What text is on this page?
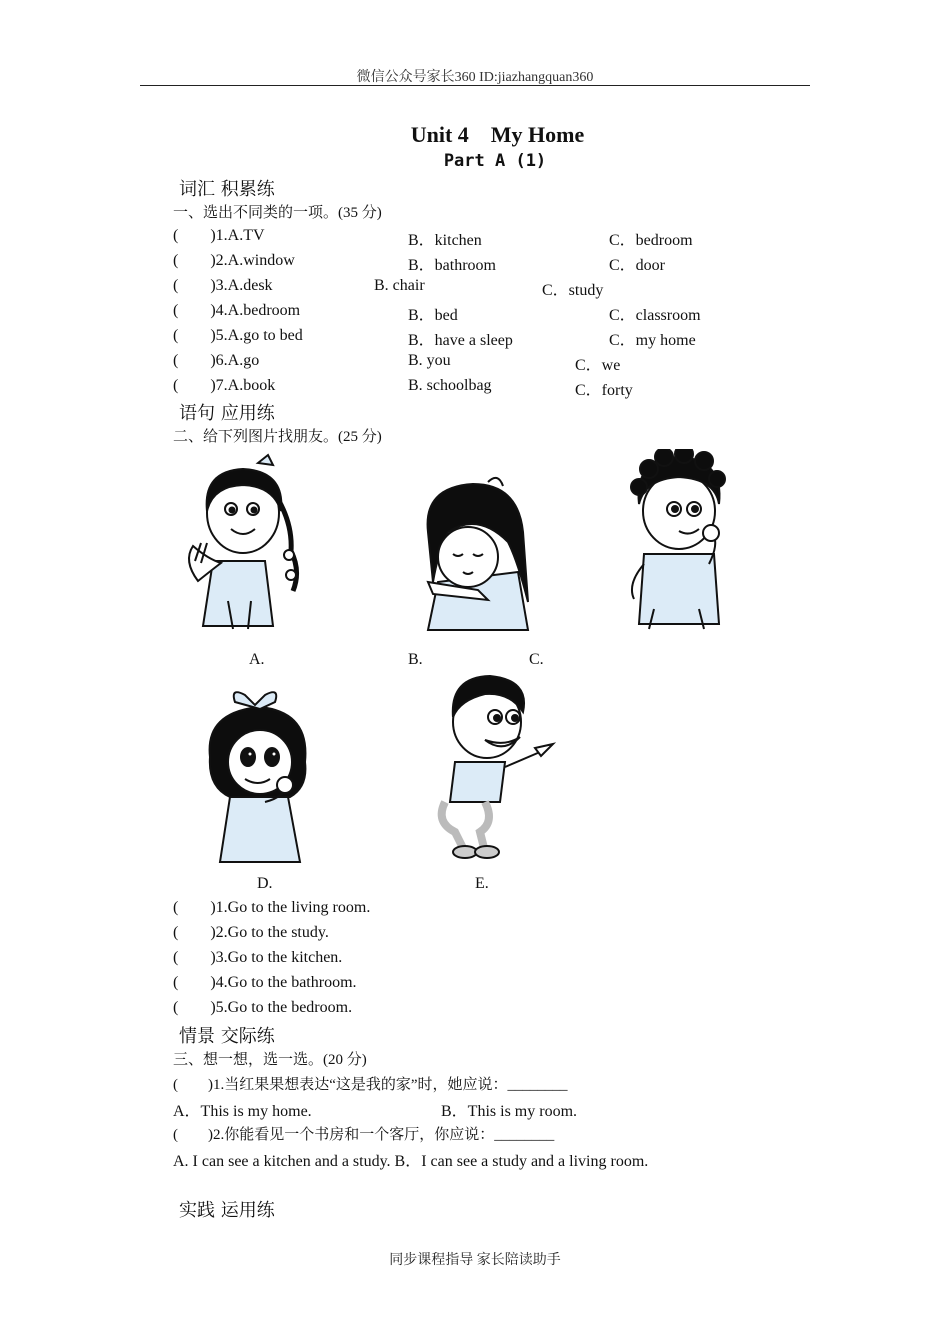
微信公众号家长360 ID:jiazhangquan360
Unit 4    My Home
Part A (1)
词汇 积累练
一、选出不同类的一项。(35 分)
(        )1.A.TV	B．kitchen	C．bedroom
(        )2.A.window	B．bathroom	C．door
(        )3.A.desk	B. chair	C．study
(        )4.A.bedroom	B．bed	C．classroom
(        )5.A.go to bed	B．have a sleep	C．my home
(        )6.A.go	B. you	C．we
(        )7.A.book	B. schoolbag	C．forty
语句 应用练
二、给下列图片找朋友。(25 分)
A.	B.	C.
D.	E.
(        )1.Go to the living room.
(        )2.Go to the study.
(        )3.Go to the kitchen.
(        )4.Go to the bathroom.
(        )5.Go to the bedroom.
情景 交际练
三、想一想，选一选。(20 分)
(        )1.当红果果想表达“这是我的家”时，她应说：________
A．This is my home.	B．This is my room.
(        )2.你能看见一个书房和一个客厅，你应说：________
A. I can see a kitchen and a study. B．I can see a study and a living room.
实践 运用练
同步课程指导 家长陪读助手
